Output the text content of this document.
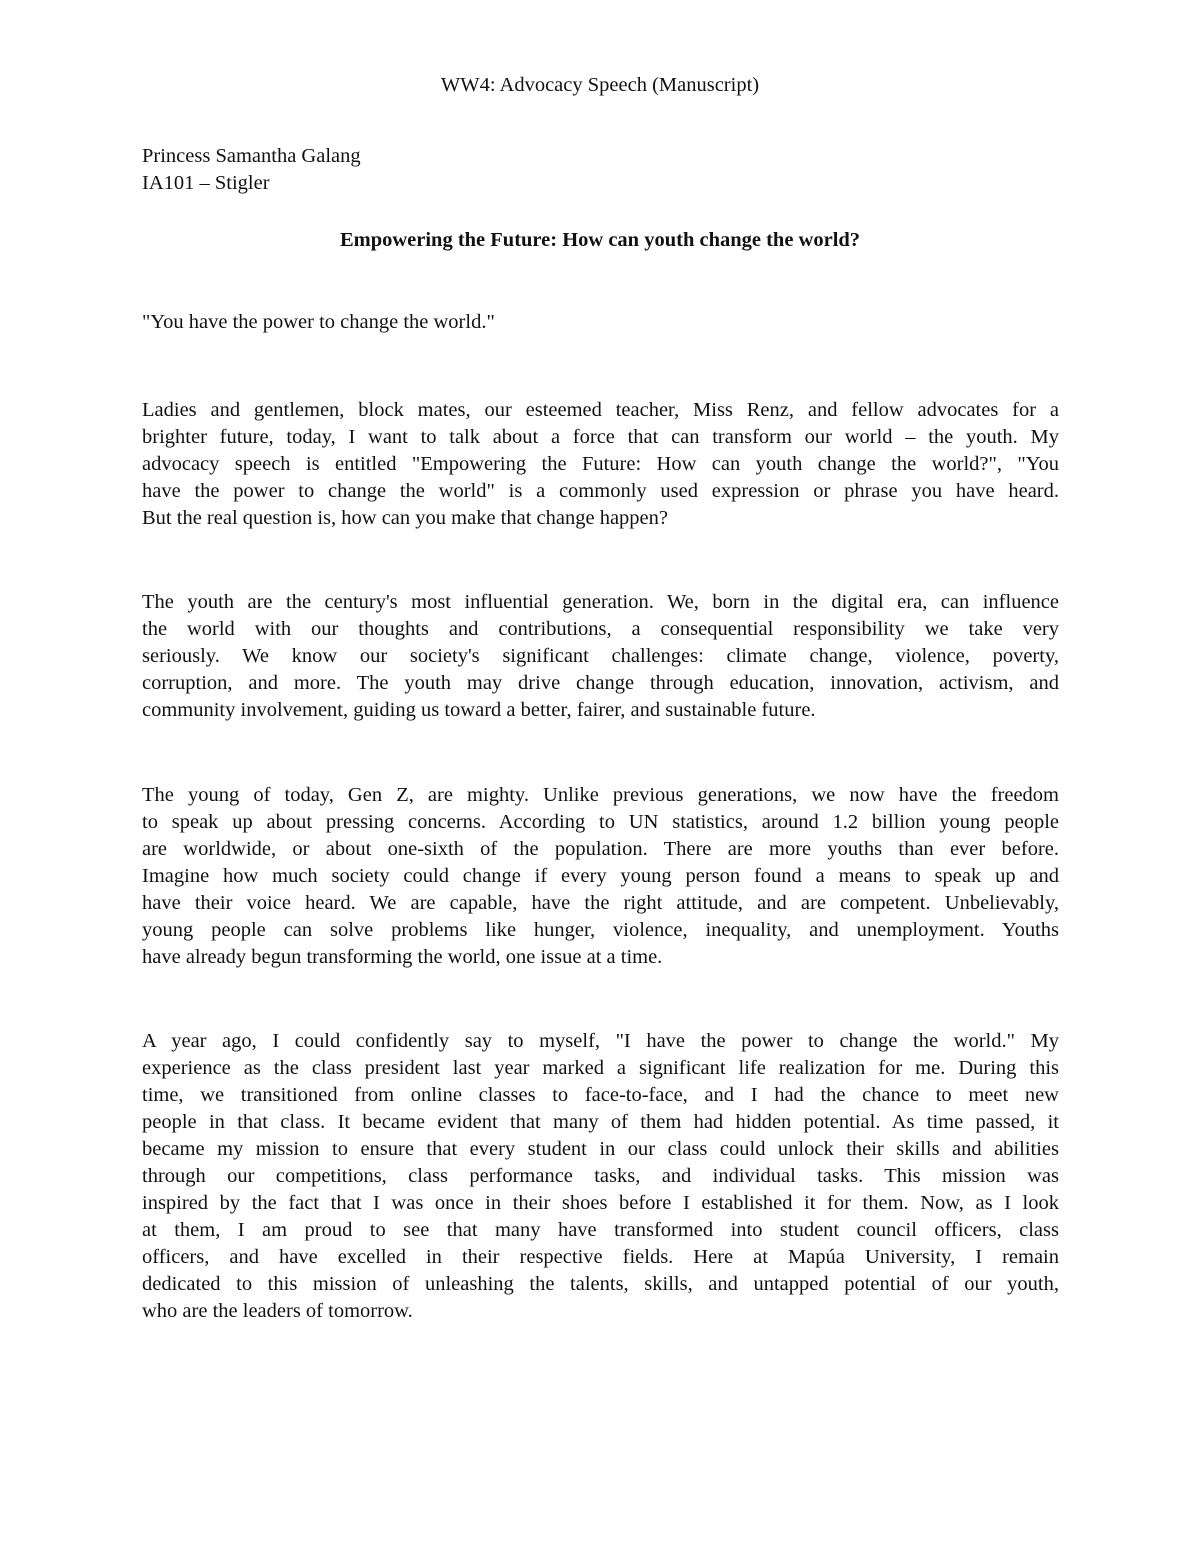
WW4: Advocacy Speech (Manuscript)
Princess Samantha Galang
IA101 – Stigler
Empowering the Future: How can youth change the world?
"You have the power to change the world."
Ladies and gentlemen, block mates, our esteemed teacher, Miss Renz, and fellow advocates for a
brighter future, today, I want to talk about a force that can transform our world – the youth. My
advocacy speech is entitled "Empowering the Future: How can youth change the world?", "You
have the power to change the world" is a commonly used expression or phrase you have heard.
But the real question is, how can you make that change happen?
The youth are the century's most influential generation. We, born in the digital era, can influence
the world with our thoughts and contributions, a consequential responsibility we take very
seriously. We know our society's significant challenges: climate change, violence, poverty,
corruption, and more. The youth may drive change through education, innovation, activism, and
community involvement, guiding us toward a better, fairer, and sustainable future.
The young of today, Gen Z, are mighty. Unlike previous generations, we now have the freedom
to speak up about pressing concerns. According to UN statistics, around 1.2 billion young people
are worldwide, or about one-sixth of the population. There are more youths than ever before.
Imagine how much society could change if every young person found a means to speak up and
have their voice heard. We are capable, have the right attitude, and are competent. Unbelievably,
young people can solve problems like hunger, violence, inequality, and unemployment. Youths
have already begun transforming the world, one issue at a time.
A year ago, I could confidently say to myself, "I have the power to change the world." My
experience as the class president last year marked a significant life realization for me. During this
time, we transitioned from online classes to face-to-face, and I had the chance to meet new
people in that class. It became evident that many of them had hidden potential. As time passed, it
became my mission to ensure that every student in our class could unlock their skills and abilities
through our competitions, class performance tasks, and individual tasks. This mission was
inspired by the fact that I was once in their shoes before I established it for them. Now, as I look
at them, I am proud to see that many have transformed into student council officers, class
officers, and have excelled in their respective fields. Here at Mapúa University, I remain
dedicated to this mission of unleashing the talents, skills, and untapped potential of our youth,
who are the leaders of tomorrow.
